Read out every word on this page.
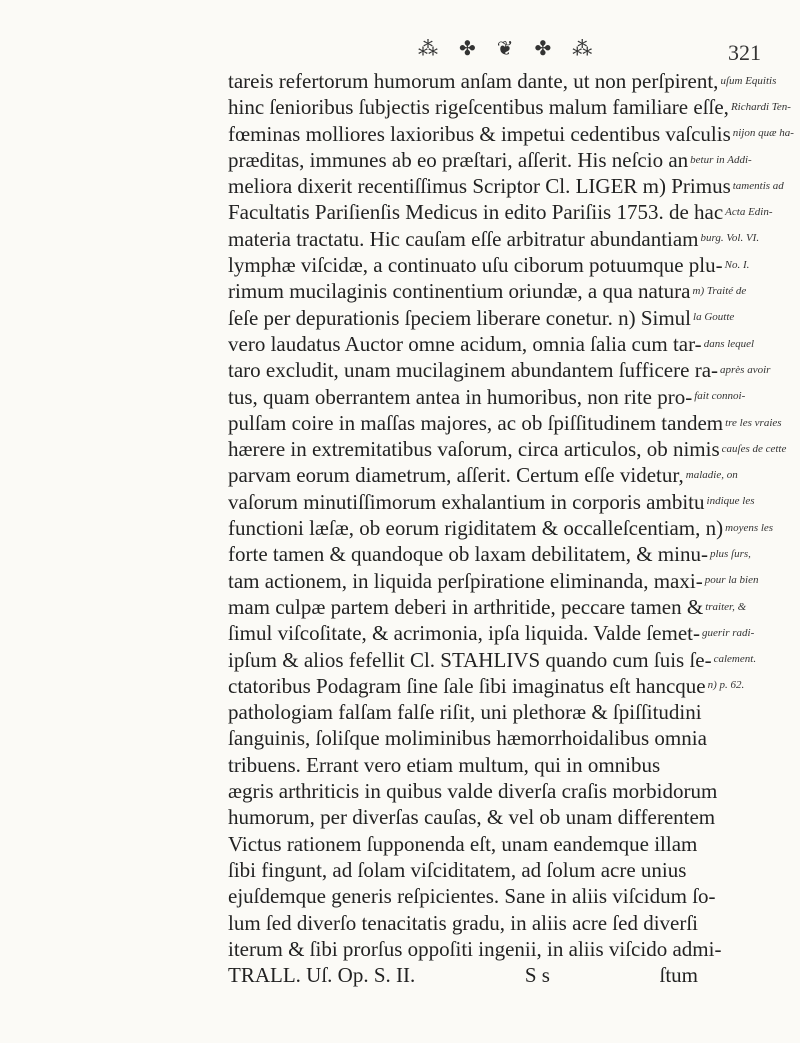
⁂ ✤ ❦ ✤ ⁂	321
tareis refertorum humorum anſam dante, ut non perſpirent, uſum Equitis
hinc ſenioribus ſubjectis rigeſcentibus malum familiare eſſe, Richardi Ten-
fœminas molliores laxioribus & impetui cedentibus vaſculis nijon quæ ha-
præditas, immunes ab eo præſtari, aſſerit. His neſcio an betur in Addi-
meliora dixerit recentiſſimus Scriptor Cl. LIGER m) Primus tamentis ad
Facultatis Pariſienſis Medicus in edito Pariſiis 1753. de hac Acta Edin-
materia tractatu. Hic cauſam eſſe arbitratur abundantiam burg. Vol. VI.
lymphæ viſcidæ, a continuato uſu ciborum potuumque plu- No. I.
rimum mucilaginis continentium oriundæ, a qua natura m) Traité de
ſeſe per depurationis ſpeciem liberare conetur. n) Simul la Goutte
vero laudatus Auctor omne acidum, omnia ſalia cum tar- dans lequel
taro excludit, unam mucilaginem abundantem ſufficere ra- après avoir
tus, quam oberrantem antea in humoribus, non rite pro- fait connoi-
pulſam coire in maſſas majores, ac ob ſpiſſitudinem tandem tre les vraies
hærere in extremitatibus vaſorum, circa articulos, ob nimis cauſes de cette
parvam eorum diametrum, aſſerit. Certum eſſe videtur, maladie, on
vaſorum minutiſſimorum exhalantium in corporis ambitu indique les
functioni læſæ, ob eorum rigiditatem & occalleſcentiam, n) moyens les
forte tamen & quandoque ob laxam debilitatem, & minu- plus ſurs,
tam actionem, in liquida perſpiratione eliminanda, maxi- pour la bien
mam culpæ partem deberi in arthritide, peccare tamen & traiter, &
ſimul viſcoſitate, & acrimonia, ipſa liquida. Valde ſemet- guerir radi-
ipſum & alios fefellit Cl. STAHLIVS quando cum ſuis ſe- calement.
ctatoribus Podagram ſine ſale ſibi imaginatus eſt hancque n) p. 62.
pathologiam falſam falſe riſit, uni plethoræ & ſpiſſitudini
ſanguinis, ſoliſque moliminibus hæmorrhoidalibus omnia
tribuens. Errant vero etiam multum, qui in omnibus
ægris arthriticis in quibus valde diverſa craſis morbidorum
humorum, per diverſas cauſas, & vel ob unam differentem
Victus rationem ſupponenda eſt, unam eandemque illam
ſibi fingunt, ad ſolam viſciditatem, ad ſolum acre unius
ejuſdemque generis reſpicientes. Sane in aliis viſcidum ſo-
lum ſed diverſo tenacitatis gradu, in aliis acre ſed diverſi
iterum & ſibi prorſus oppoſiti ingenii, in aliis viſcido admi-
TRALL. Uſ. Op. S. II.	S s	ſtum
